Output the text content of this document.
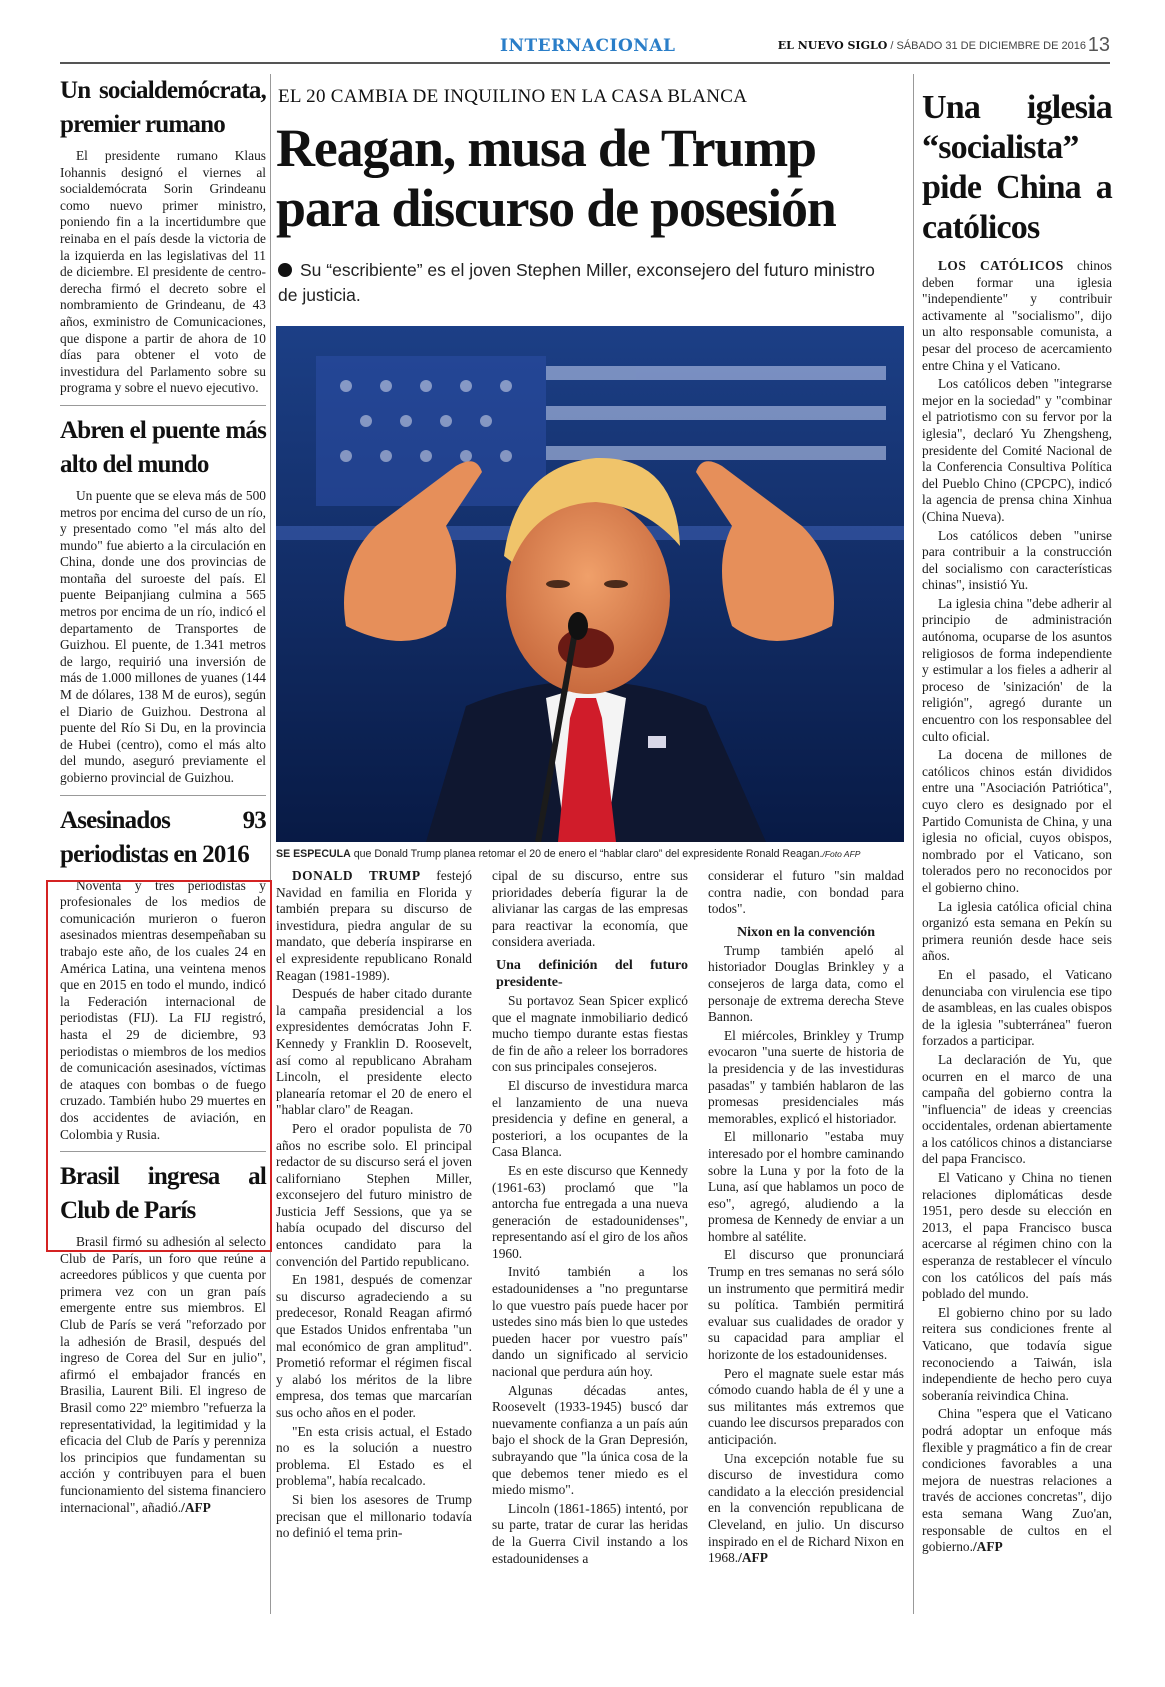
INTERNACIONAL	EL NUEVO SIGLO / SÁBADO 31 DE DICIEMBRE DE 2016 13
Un socialdemócrata, premier rumano

El presidente rumano Klaus Iohannis designó el viernes al socialdemócrata Sorin Grindeanu como nuevo primer ministro, poniendo fin a la incertidumbre que reinaba en el país desde la victoria de la izquierda en las legislativas del 11 de diciembre. El presidente de centro-derecha firmó el decreto sobre el nombramiento de Grindeanu, de 43 años, exministro de Comunicaciones, que dispone a partir de ahora de 10 días para obtener el voto de investidura del Parlamento sobre su programa y sobre el nuevo ejecutivo.

Abren el puente más alto del mundo

Un puente que se eleva más de 500 metros por encima del curso de un río, y presentado como "el más alto del mundo" fue abierto a la circulación en China, donde une dos provincias de montaña del suroeste del país. El puente Beipanjiang culmina a 565 metros por encima de un río, indicó el departamento de Transportes de Guizhou. El puente, de 1.341 metros de largo, requirió una inversión de más de 1.000 millones de yuanes (144 M de dólares, 138 M de euros), según el Diario de Guizhou. Destrona al puente del Río Si Du, en la provincia de Hubei (centro), como el más alto del mundo, aseguró previamente el gobierno provincial de Guizhou.

Asesinados 93 periodistas en 2016

Noventa y tres periodistas y profesionales de los medios de comunicación murieron o fueron asesinados mientras desempeñaban su trabajo este año, de los cuales 24 en América Latina, una veintena menos que en 2015 en todo el mundo, indicó la Federación internacional de periodistas (FIJ). La FIJ registró, hasta el 29 de diciembre, 93 periodistas o miembros de los medios de comunicación asesinados, víctimas de ataques con bombas o de fuego cruzado. También hubo 29 muertes en dos accidentes de aviación, en Colombia y Rusia.

Brasil ingresa al Club de París

Brasil firmó su adhesión al selecto Club de París, un foro que reúne a acreedores públicos y que cuenta por primera vez con un gran país emergente entre sus miembros. El Club de París se verá "reforzado por la adhesión de Brasil, después del ingreso de Corea del Sur en julio", afirmó el embajador francés en Brasilia, Laurent Bili. El ingreso de Brasil como 22º miembro "refuerza la representatividad, la legitimidad y la eficacia del Club de París y perenniza los principios que fundamentan su acción y contribuyen para el buen funcionamiento del sistema financiero internacional", añadió./AFP

EL 20 CAMBIA DE INQUILINO EN LA CASA BLANCA
Reagan, musa de Trump para discurso de posesión
Su “escribiente” es el joven Stephen Miller, exconsejero del futuro ministro de justicia.
SE ESPECULA que Donald Trump planea retomar el 20 de enero el “hablar claro” del expresidente Ronald Reagan./Foto AFP

DONALD TRUMP festejó Navidad en familia en Florida y también prepara su discurso de investidura, piedra angular de su mandato, que debería inspirarse en el expresidente republicano Ronald Reagan (1981-1989).

Después de haber citado durante la campaña presidencial a los expresidentes demócratas John F. Kennedy y Franklin D. Roosevelt, así como al republicano Abraham Lincoln, el presidente electo planearía retomar el 20 de enero el "hablar claro" de Reagan.

Pero el orador populista de 70 años no escribe solo. El principal redactor de su discurso será el joven californiano Stephen Miller, exconsejero del futuro ministro de Justicia Jeff Sessions, que ya se había ocupado del discurso del entonces candidato para la convención del Partido republicano.

En 1981, después de comenzar su discurso agradeciendo a su predecesor, Ronald Reagan afirmó que Estados Unidos enfrentaba "un mal económico de gran amplitud". Prometió reformar el régimen fiscal y alabó los méritos de la libre empresa, dos temas que marcarían sus ocho años en el poder.

"En esta crisis actual, el Estado no es la solución a nuestro problema. El Estado es el problema", había recalcado.

Si bien los asesores de Trump precisan que el millonario todavía no definió el tema prin-

cipal de su discurso, entre sus prioridades debería figurar la de alivianar las cargas de las empresas para reactivar la economía, que considera averiada.

Una definición del futuro presidente-

Su portavoz Sean Spicer explicó que el magnate inmobiliario dedicó mucho tiempo durante estas fiestas de fin de año a releer los borradores con sus principales consejeros.

El discurso de investidura marca el lanzamiento de una nueva presidencia y define en general, a posteriori, a los ocupantes de la Casa Blanca.

Es en este discurso que Kennedy (1961-63) proclamó que "la antorcha fue entregada a una nueva generación de estadounidenses", representando así el giro de los años 1960.

Invitó también a los estadounidenses a "no preguntarse lo que vuestro país puede hacer por ustedes sino más bien lo que ustedes pueden hacer por vuestro país" dando un significado al servicio nacional que perdura aún hoy.

Algunas décadas antes, Roosevelt (1933-1945) buscó dar nuevamente confianza a un país aún bajo el shock de la Gran Depresión, subrayando que "la única cosa de la que debemos tener miedo es el miedo mismo".

Lincoln (1861-1865) intentó, por su parte, tratar de curar las heridas de la Guerra Civil instando a los estadounidenses a

considerar el futuro "sin maldad contra nadie, con bondad para todos".

Nixon en la convención

Trump también apeló al historiador Douglas Brinkley y a consejeros de larga data, como el personaje de extrema derecha Steve Bannon.

El miércoles, Brinkley y Trump evocaron "una suerte de historia de la presidencia y de las investiduras pasadas" y también hablaron de las promesas presidenciales más memorables, explicó el historiador.

El millonario "estaba muy interesado por el hombre caminando sobre la Luna y por la foto de la Luna, así que hablamos un poco de eso", agregó, aludiendo a la promesa de Kennedy de enviar a un hombre al satélite.

El discurso que pronunciará Trump en tres semanas no será sólo un instrumento que permitirá medir su política. También permitirá evaluar sus cualidades de orador y su capacidad para ampliar el horizonte de los estadounidenses.

Pero el magnate suele estar más cómodo cuando habla de él y une a sus militantes más extremos que cuando lee discursos preparados con anticipación.

Una excepción notable fue su discurso de investidura como candidato a la elección presidencial en la convención republicana de Cleveland, en julio. Un discurso inspirado en el de Richard Nixon en 1968./AFP

Una iglesia “socialista” pide China a católicos

LOS CATÓLICOS chinos deben formar una iglesia "independiente" y contribuir activamente al "socialismo", dijo un alto responsable comunista, a pesar del proceso de acercamiento entre China y el Vaticano.

Los católicos deben "integrarse mejor en la sociedad" y "combinar el patriotismo con su fervor por la iglesia", declaró Yu Zhengsheng, presidente del Comité Nacional de la Conferencia Consultiva Política del Pueblo Chino (CPCPC), indicó la agencia de prensa china Xinhua (China Nueva).

Los católicos deben "unirse para contribuir a la construcción del socialismo con características chinas", insistió Yu.

La iglesia china "debe adherir al principio de administración autónoma, ocuparse de los asuntos religiosos de forma independiente y estimular a los fieles a adherir al proceso de 'sinización' de la religión", agregó durante un encuentro con los responsablee del culto oficial.

La docena de millones de católicos chinos están divididos entre una "Asociación Patriótica", cuyo clero es designado por el Partido Comunista de China, y una iglesia no oficial, cuyos obispos, nombrado por el Vaticano, son tolerados pero no reconocidos por el gobierno chino.

La iglesia católica oficial china organizó esta semana en Pekín su primera reunión desde hace seis años.

En el pasado, el Vaticano denunciaba con virulencia ese tipo de asambleas, en las cuales obispos de la iglesia "subterránea" fueron forzados a participar.

La declaración de Yu, que ocurren en el marco de una campaña del gobierno contra la "influencia" de ideas y creencias occidentales, ordenan abiertamente a los católicos chinos a distanciarse del papa Francisco.

El Vaticano y China no tienen relaciones diplomáticas desde 1951, pero desde su elección en 2013, el papa Francisco busca acercarse al régimen chino con la esperanza de restablecer el vínculo con los católicos del país más poblado del mundo.

El gobierno chino por su lado reitera sus condiciones frente al Vaticano, que todavía sigue reconociendo a Taiwán, isla independiente de hecho pero cuya soberanía reivindica China.

China "espera que el Vaticano podrá adoptar un enfoque más flexible y pragmático a fin de crear condiciones favorables a una mejora de nuestras relaciones a través de acciones concretas", dijo esta semana Wang Zuo'an, responsable de cultos en el gobierno./AFP
